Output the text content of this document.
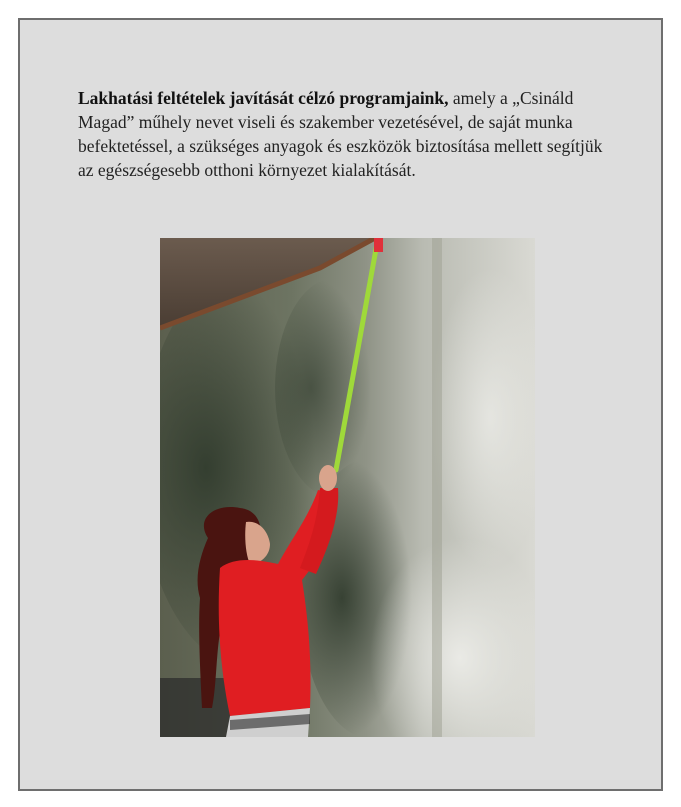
Lakhatási feltételek javítását célzó programjaink, amely a „Csináld Magad” műhely nevet viseli és szakember vezetésével, de saját munka befektetéssel, a szükséges anyagok és eszközök biztosítása mellett segítjük az egészségesebb otthoni környezet kialakítását.
